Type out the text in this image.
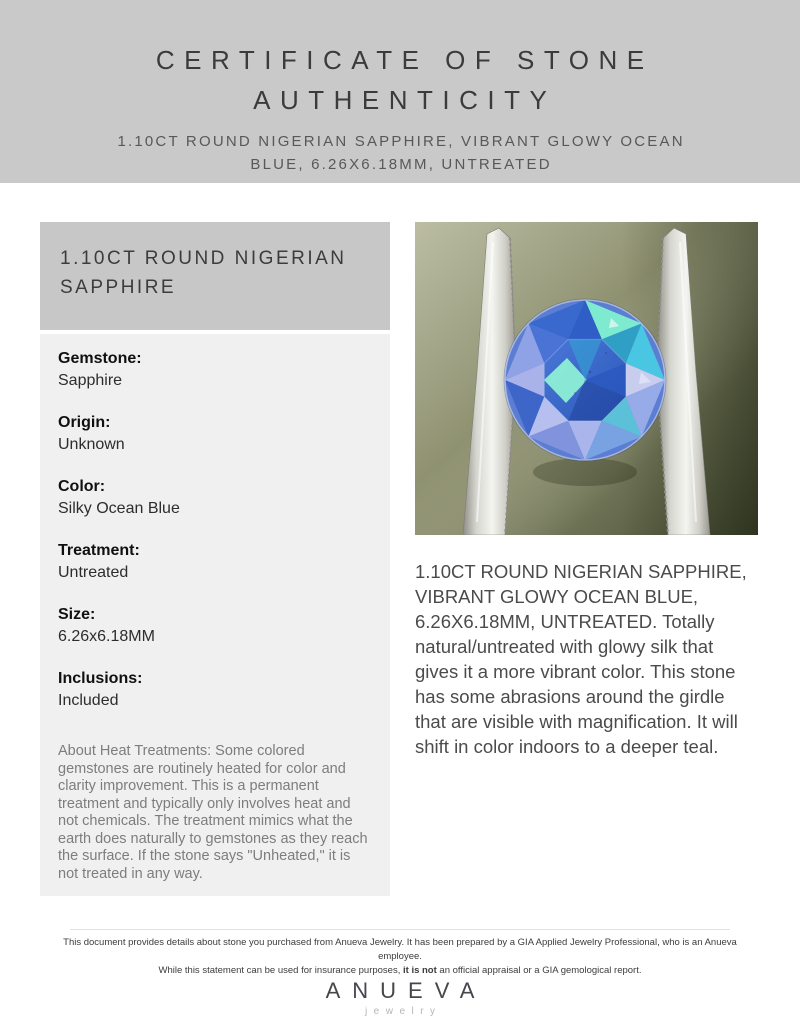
CERTIFICATE OF STONE AUTHENTICITY
1.10CT ROUND NIGERIAN SAPPHIRE, VIBRANT GLOWY OCEAN BLUE, 6.26X6.18MM, UNTREATED
1.10CT ROUND NIGERIAN SAPPHIRE
Gemstone:
Sapphire
Origin:
Unknown
Color:
Silky Ocean Blue
Treatment:
Untreated
Size:
6.26x6.18MM
Inclusions:
Included
About Heat Treatments: Some colored gemstones are routinely heated for color and clarity improvement. This is a permanent treatment and typically only involves heat and not chemicals. The treatment mimics what the earth does naturally to gemstones as they reach the surface. If the stone says "Unheated," it is not treated in any way.
1.10CT ROUND NIGERIAN SAPPHIRE, VIBRANT GLOWY OCEAN BLUE, 6.26X6.18MM, UNTREATED. Totally natural/untreated with glowy silk that gives it a more vibrant color. This stone has some abrasions around the girdle that are visible with magnification. It will shift in color indoors to a deeper teal.
This document provides details about stone you purchased from Anueva Jewelry. It has been prepared by a GIA Applied Jewelry Professional, who is an Anueva employee.
While this statement can be used for insurance purposes, it is not an official appraisal or a GIA gemological report.
ANUEVA
jewelry
